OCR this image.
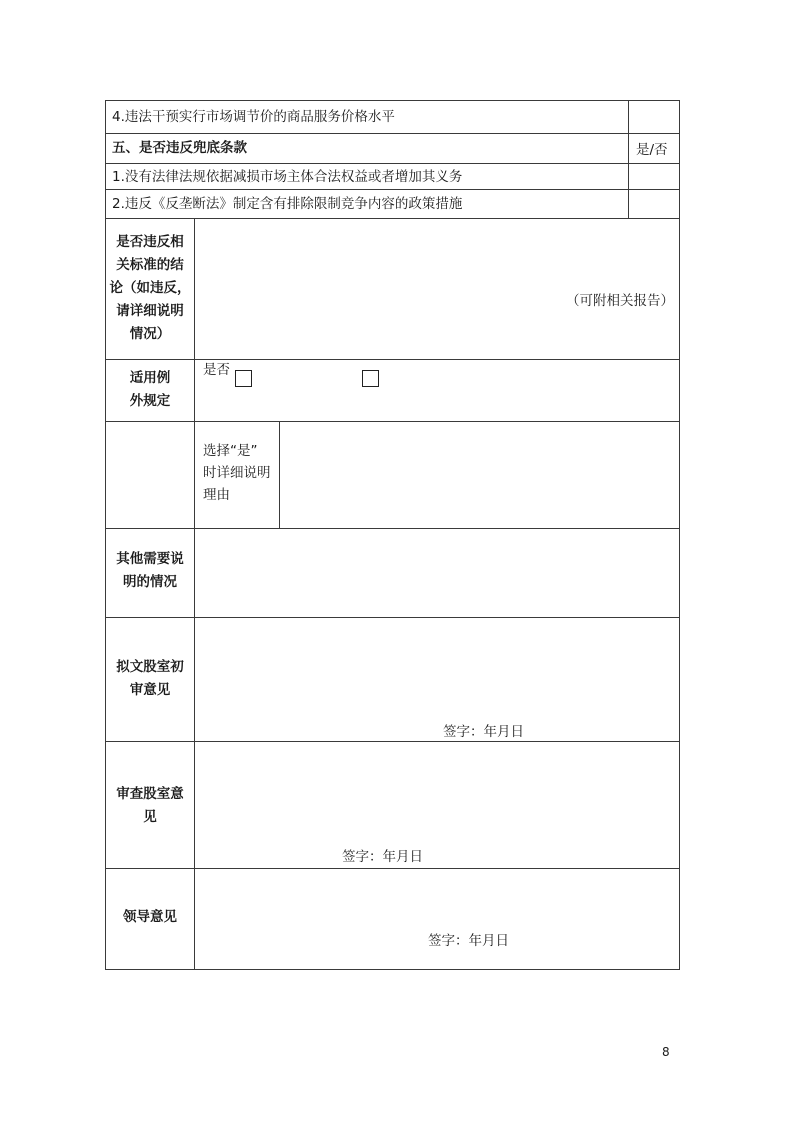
4.违法干预实行市场调节价的商品服务价格水平
五、是否违反兜底条款	是/否
1.没有法律法规依据减损市场主体合法权益或者增加其义务
2.违反《反垄断法》制定含有排除限制竞争内容的政策措施
是否违反相
关标准的结
论（如违反，
请详细说明
情况）
（可附相关报告）
适用例
外规定
是否
选择“是”
时详细说明
理由
其他需要说
明的情况
拟文股室初
审意见
签字：年月日
审查股室意
见
签字：年月日
领导意见
签字：年月日
8
